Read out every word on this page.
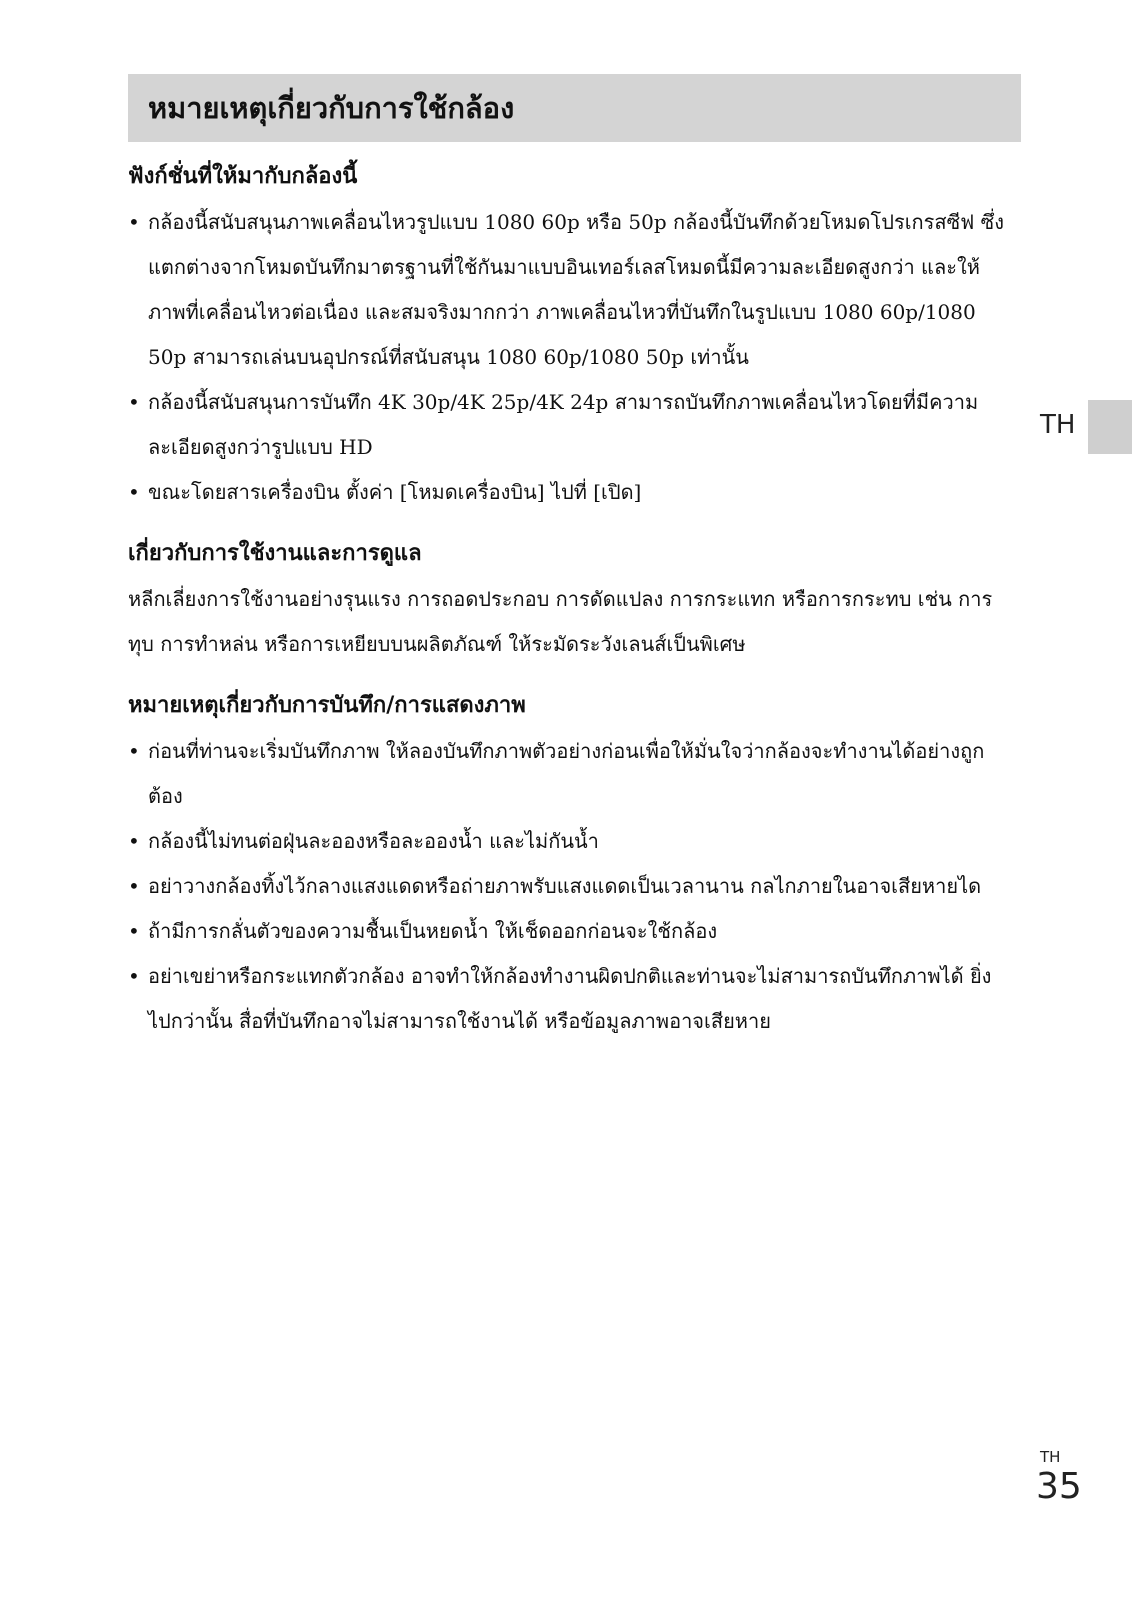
หมายเหตุเกี่ยวกับการใช้กล้อง
ฟังก์ชั่นที่ให้มากับกล้องนี้
• กล้องนี้สนับสนุนภาพเคลื่อนไหวรูปแบบ 1080 60p หรือ 50p กล้องนี้บันทึกด้วยโหมดโปรเกรสซีฟ ซึ่งแตกต่างจากโหมดบันทึกมาตรฐานที่ใช้กันมาแบบอินเทอร์เลสโหมดนี้มีความละเอียดสูงกว่า และให้ภาพที่เคลื่อนไหวต่อเนื่อง และสมจริงมากกว่า ภาพเคลื่อนไหวที่บันทึกในรูปแบบ 1080 60p/1080 50p สามารถเล่นบนอุปกรณ์ที่สนับสนุน 1080 60p/1080 50p เท่านั้น
• กล้องนี้สนับสนุนการบันทึก 4K 30p/4K 25p/4K 24p สามารถบันทึกภาพเคลื่อนไหวโดยที่มีความละเอียดสูงกว่ารูปแบบ HD
• ขณะโดยสารเครื่องบิน ตั้งค่า [โหมดเครื่องบิน] ไปที่ [เปิด]
เกี่ยวกับการใช้งานและการดูแล

หลีกเลี่ยงการใช้งานอย่างรุนแรง การถอดประกอบ การดัดแปลง การกระแทก หรือการกระทบ เช่น การทุบ การทำหล่น หรือการเหยียบบนผลิตภัณฑ์ ให้ระมัดระวังเลนส์เป็นพิเศษ

หมายเหตุเกี่ยวกับการบันทึก/การแสดงภาพ
• ก่อนที่ท่านจะเริ่มบันทึกภาพ ให้ลองบันทึกภาพตัวอย่างก่อนเพื่อให้มั่นใจว่ากล้องจะทำงานได้อย่างถูกต้อง
• กล้องนี้ไม่ทนต่อฝุ่นละอองหรือละอองน้ำ และไม่กันน้ำ
• อย่าวางกล้องทิ้งไว้กลางแสงแดดหรือถ่ายภาพรับแสงแดดเป็นเวลานาน กลไกภายในอาจเสียหายได
• ถ้ามีการกลั่นตัวของความชื้นเป็นหยดน้ำ ให้เช็ดออกก่อนจะใช้กล้อง
• อย่าเขย่าหรือกระแทกตัวกล้อง อาจทำให้กล้องทำงานผิดปกติและท่านจะไม่สามารถบันทึกภาพได้ ยิ่งไปกว่านั้น สื่อที่บันทึกอาจไม่สามารถใช้งานได้ หรือข้อมูลภาพอาจเสียหาย
TH
TH
35
